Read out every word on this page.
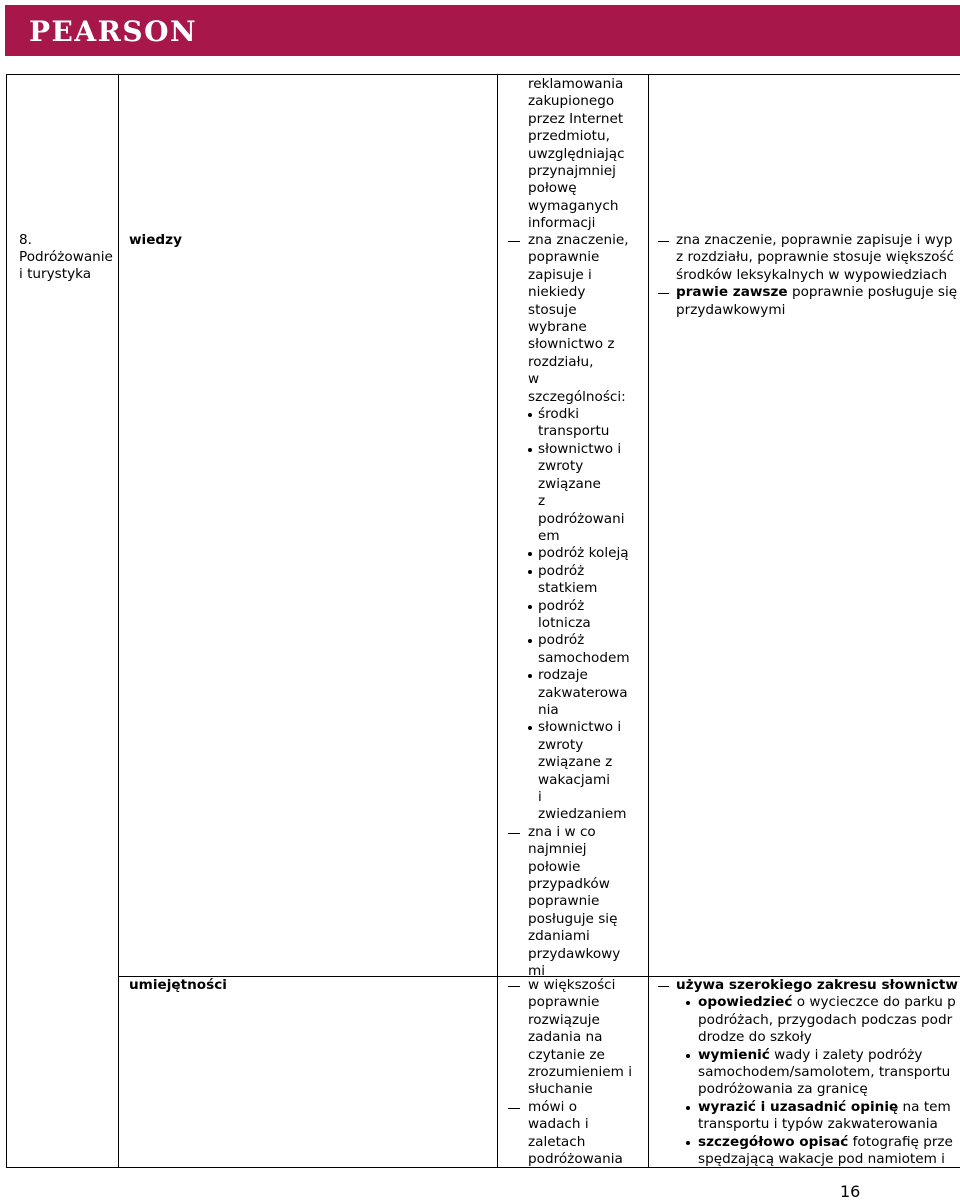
PEARSON
reklamowania
zakupionego
przez Internet
przedmiotu,
uwzględniając
przynajmniej
połowę
wymaganych
informacji
8.
Podróżowanie
i turystyka
wiedzy	zna znaczenie,
poprawnie
zapisuje i
niekiedy
stosuje
wybrane
słownictwo z
rozdziału,
w
szczególności:
środki
transportu
słownictwo i
zwroty
związane
z
podróżowani
em
podróż koleją
podróż
statkiem
podróż
lotnicza
podróż
samochodem
rodzaje
zakwaterowa
nia
słownictwo i
zwroty
związane z
wakacjami
i
zwiedzaniem
zna i w co
najmniej
połowie
przypadków
poprawnie
posługuje się
zdaniami
przydawkowy
mi
zna znaczenie, poprawnie zapisuje i wyp
z rozdziału, poprawnie stosuje większość
środków leksykalnych w wypowiedziach
prawie zawsze poprawnie posługuje się
przydawkowymi
umiejętności	w większości
poprawnie
rozwiązuje
zadania na
czytanie ze
zrozumieniem i
słuchanie
mówi o
wadach i
zaletach
podróżowania
używa szerokiego zakresu słownictw
opowiedzieć o wycieczce do parku p
podróżach, przygodach podczas podr
drodze do szkoły
wymienić wady i zalety podróży
samochodem/samolotem, transportu
podróżowania za granicę
wyrazić i uzasadnić opinię na tem
transportu i typów zakwaterowania
szczegółowo opisać fotografię prze
spędzającą wakacje pod namiotem i
16
